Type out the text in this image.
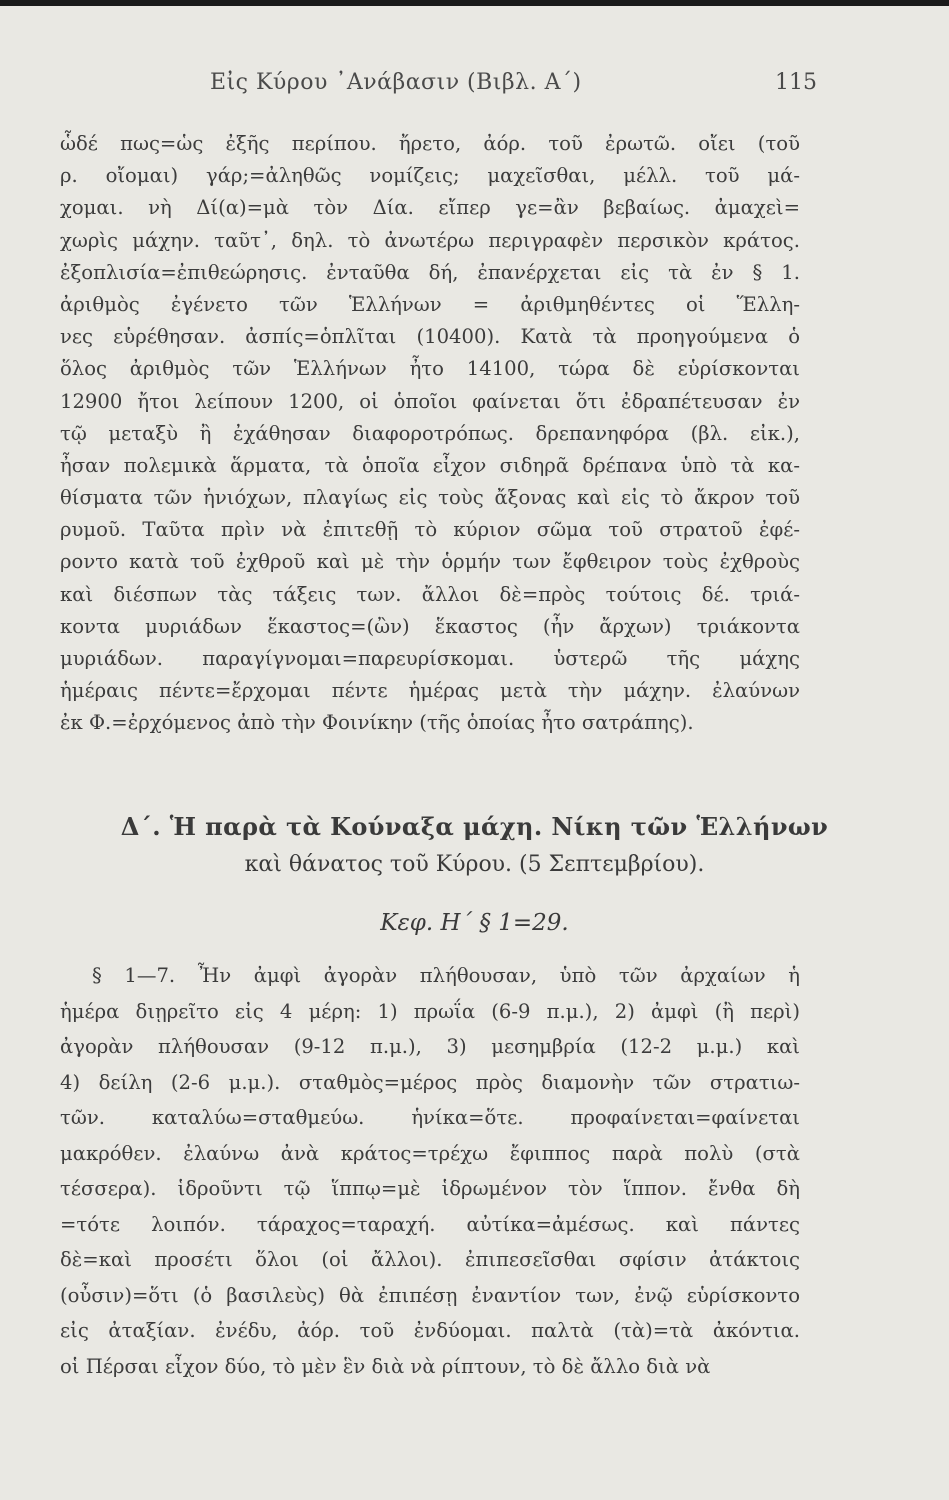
Εἰς Κύρου ᾿Ανάβασιν (Βιβλ. Α΄)	115
ὧδέ πως=ὡς ἐξῆς περίπου. ἤρετο, ἀόρ. τοῦ ἐρωτῶ. οἴει (τοῦ
ρ. οἴομαι) γάρ;=ἀληθῶς νομίζεις; μαχεῖσθαι, μέλλ. τοῦ μά-
χομαι. νὴ Δί(α)=μὰ τὸν Δία. εἴπερ γε=ἂν βεβαίως. ἀμαχεὶ=
χωρὶς μάχην. ταῦτ᾽, δηλ. τὸ ἀνωτέρω περιγραφὲν περσικὸν κράτος.
ἐξοπλισία=ἐπιθεώρησις. ἐνταῦθα δή, ἐπανέρχεται εἰς τὰ ἐν § 1.
ἀριθμὸς ἐγένετο τῶν Ἑλλήνων = ἀριθμηθέντες οἱ Ἕλλη-
νες εὑρέθησαν. ἀσπίς=ὁπλῖται (10400). Κατὰ τὰ προηγούμενα ὁ
ὅλος ἀριθμὸς τῶν Ἑλλήνων ἦτο 14100, τώρα δὲ εὑρίσκονται
12900 ἤτοι λείπουν 1200, οἱ ὁποῖοι φαίνεται ὅτι ἐδραπέτευσαν ἐν
τῷ μεταξὺ ἢ ἐχάθησαν διαφοροτρόπως. δρεπανηφόρα (βλ. εἰκ.),
ἦσαν πολεμικὰ ἅρματα, τὰ ὁποῖα εἶχον σιδηρᾶ δρέπανα ὑπὸ τὰ κα-
θίσματα τῶν ἡνιόχων, πλαγίως εἰς τοὺς ἄξονας καὶ εἰς τὸ ἄκρον τοῦ
ρυμοῦ. Ταῦτα πρὶν νὰ ἐπιτεθῇ τὸ κύριον σῶμα τοῦ στρατοῦ ἐφέ-
ροντο κατὰ τοῦ ἐχθροῦ καὶ μὲ τὴν ὁρμήν των ἔφθειρον τοὺς ἐχθροὺς
καὶ διέσπων τὰς τάξεις των. ἄλλοι δὲ=πρὸς τούτοις δέ. τριά-
κοντα μυριάδων ἕκαστος=(ὢν) ἕκαστος (ἦν ἄρχων) τριάκοντα
μυριάδων. παραγίγνομαι=παρευρίσκομαι. ὑστερῶ τῆς μάχης
ἡμέραις πέντε=ἔρχομαι πέντε ἡμέρας μετὰ τὴν μάχην. ἐλαύνων
ἐκ Φ.=ἐρχόμενος ἀπὸ τὴν Φοινίκην (τῆς ὁποίας ἦτο σατράπης).
Δ΄. Ἡ παρὰ τὰ Κούναξα μάχη. Νίκη τῶν Ἑλλήνων
καὶ θάνατος τοῦ Κύρου. (5 Σεπτεμβρίου).
Κεφ. Η΄ § 1=29.
§ 1—7. Ἦν ἀμφὶ ἀγορὰν πλήθουσαν, ὑπὸ τῶν ἀρχαίων ἡ
ἡμέρα διῃρεῖτο εἰς 4 μέρη: 1) πρωΐα (6-9 π.μ.), 2) ἀμφὶ (ἢ περὶ)
ἀγορὰν πλήθουσαν (9-12 π.μ.), 3) μεσημβρία (12-2 μ.μ.) καὶ
4) δείλη (2-6 μ.μ.). σταθμὸς=μέρος πρὸς διαμονὴν τῶν στρατιω-
τῶν. καταλύω=σταθμεύω. ἡνίκα=ὅτε. προφαίνεται=φαίνεται
μακρόθεν. ἐλαύνω ἀνὰ κράτος=τρέχω ἔφιππος παρὰ πολὺ (στὰ
τέσσερα). ἱδροῦντι τῷ ἵππῳ=μὲ ἱδρωμένον τὸν ἵππον. ἔνθα δὴ
=τότε λοιπόν. τάραχος=ταραχή. αὐτίκα=ἀμέσως. καὶ πάντες
δὲ=καὶ προσέτι ὅλοι (οἱ ἄλλοι). ἐπιπεσεῖσθαι σφίσιν ἀτάκτοις
(οὖσιν)=ὅτι (ὁ βασιλεὺς) θὰ ἐπιπέσῃ ἐναντίον των, ἐνῷ εὑρίσκοντο
εἰς ἀταξίαν. ἐνέδυ, ἀόρ. τοῦ ἐνδύομαι. παλτὰ (τὰ)=τὰ ἀκόντια.
οἱ Πέρσαι εἶχον δύο, τὸ μὲν ἓν διὰ νὰ ρίπτουν, τὸ δὲ ἄλλο διὰ νὰ
